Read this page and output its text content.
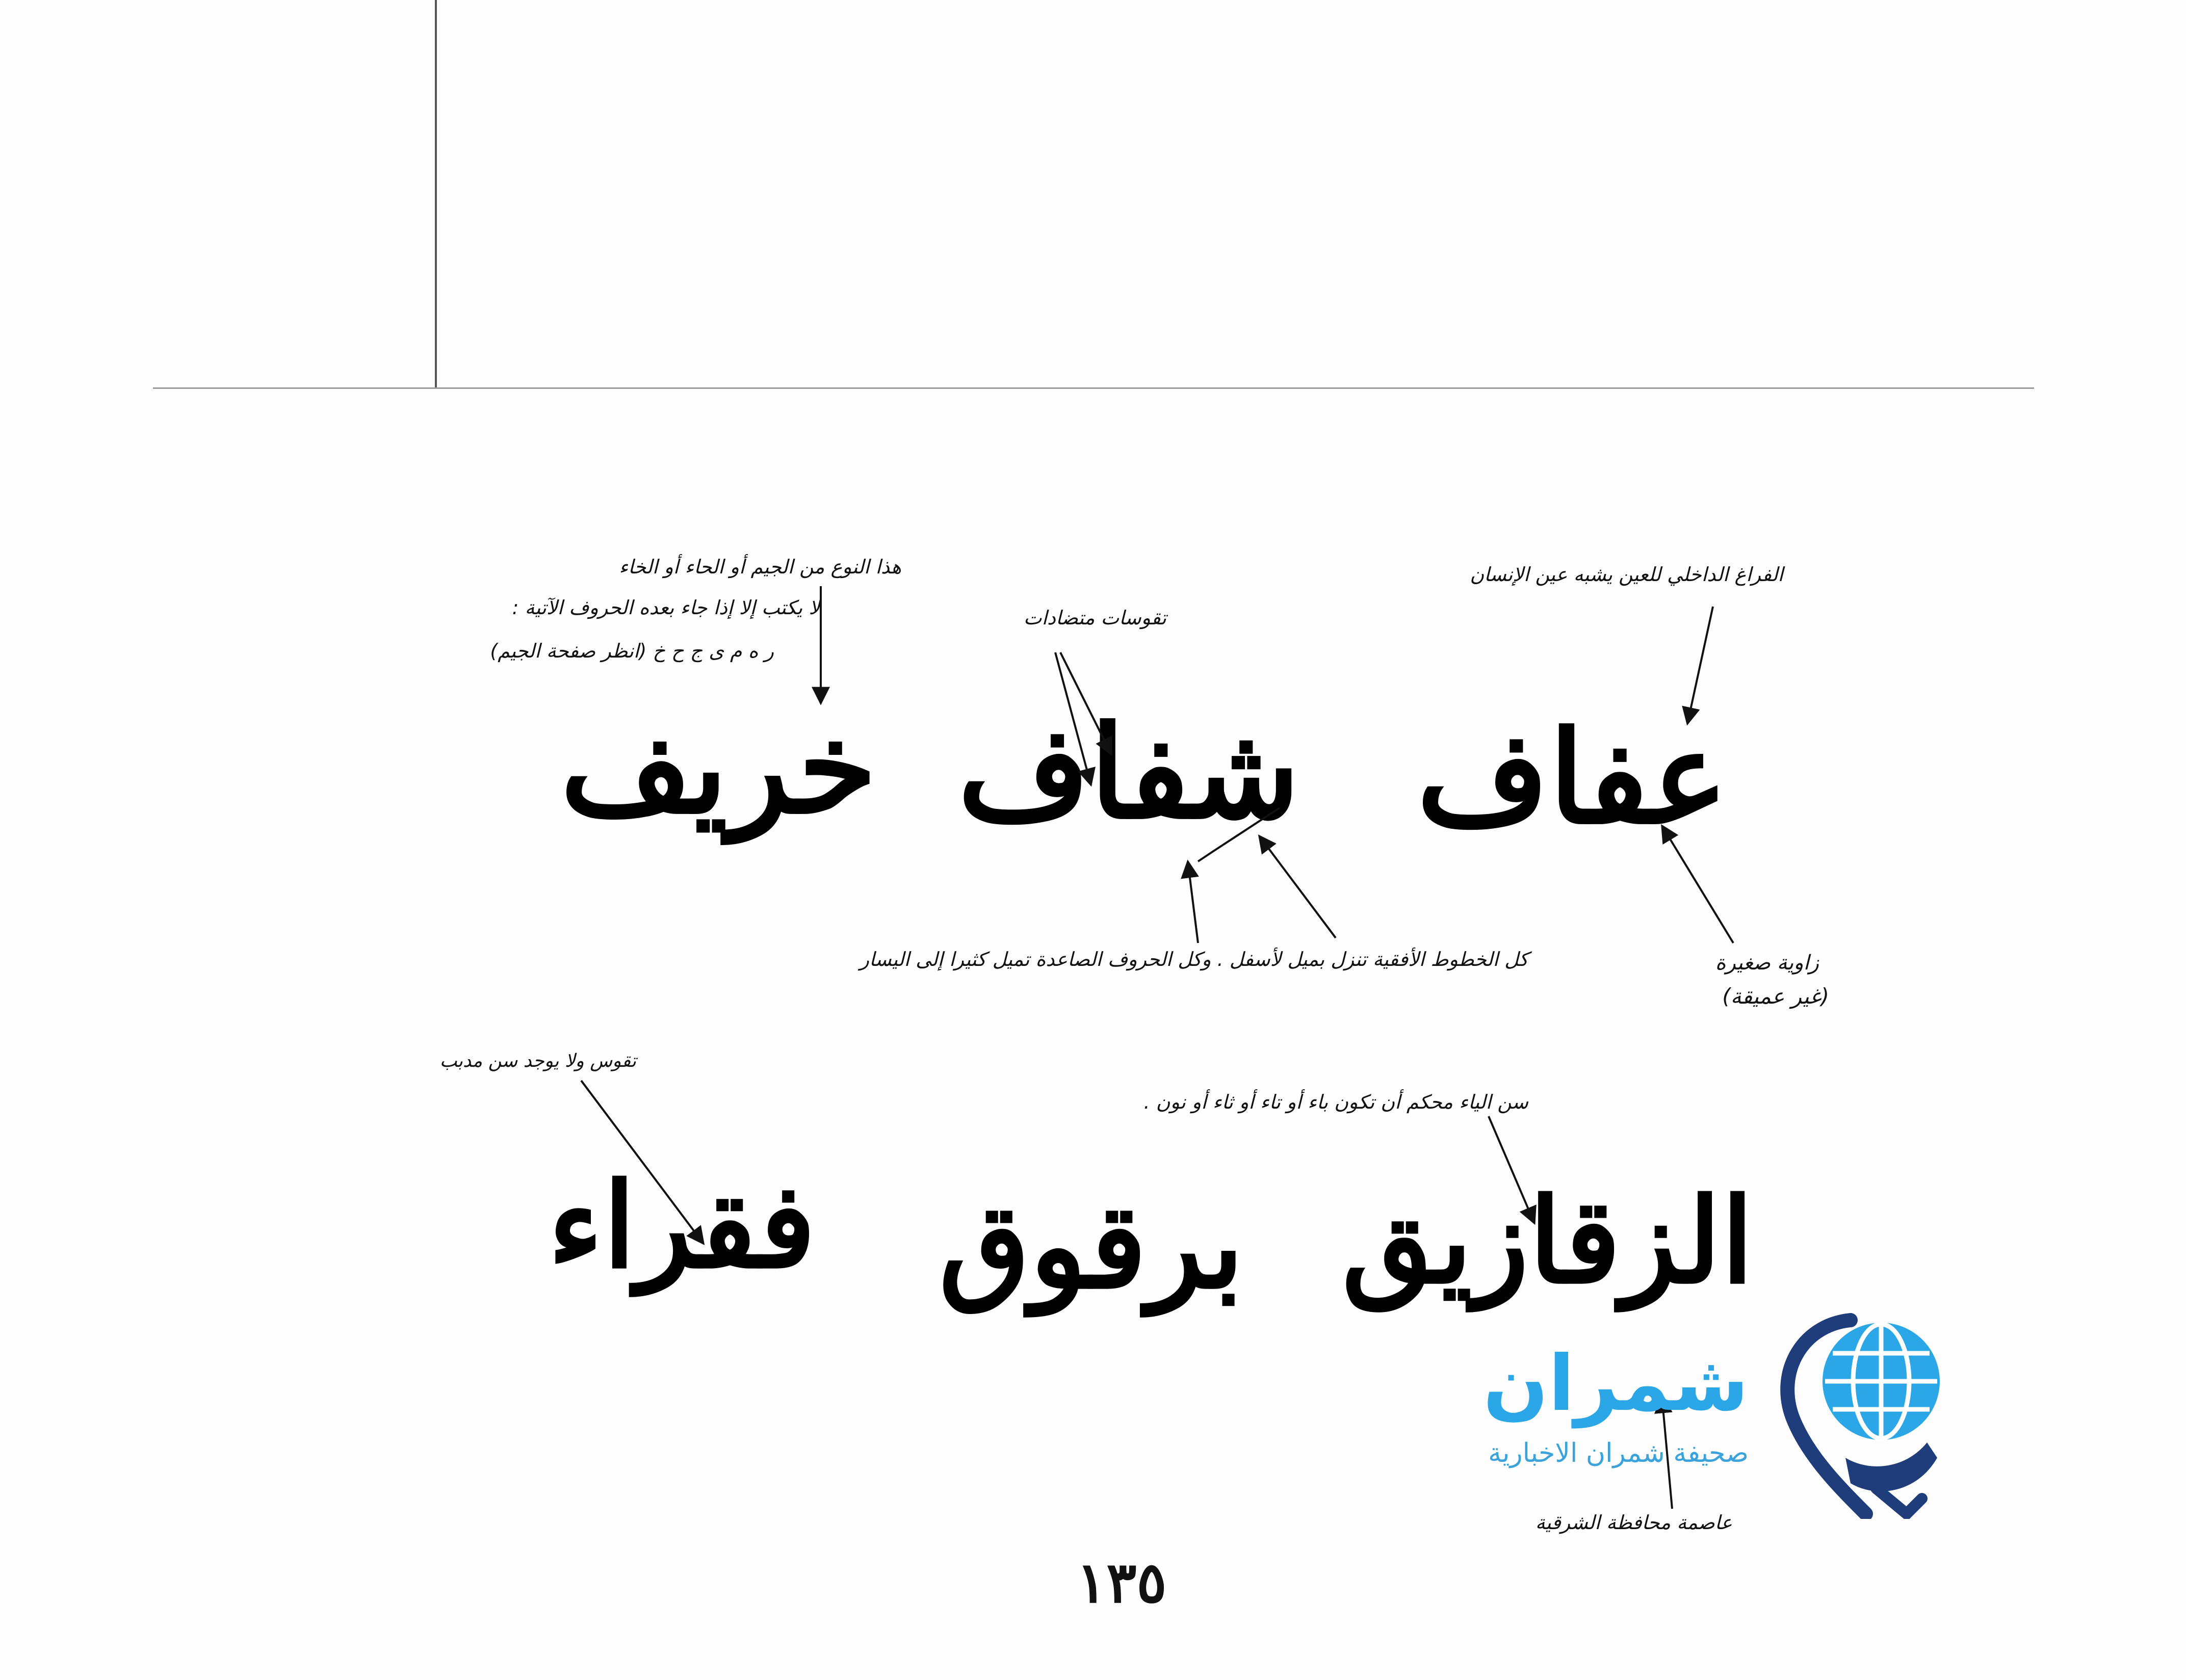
خريف شفاف عفاف
فقراء برقوق الزقازيق
هذا النوع من الجيم أو الحاء أو الخاء
لا يكتب إلا إذا جاء بعده الحروف الآتية :
ر ه م ى ج ح خ (انظر صفحة الجيم)
تقوسات متضادات
كل الخطوط الأفقية تنزل بميل لأسفل . وكل الحروف الصاعدة تميل كثيرا إلى اليسار
الفراغ الداخلي للعين يشبه عين الإنسان
زاوية صغيرة
(غير عميقة)
تقوس ولا يوجد سن مدبب
سن الياء محكم أن تكون باء أو تاء أو ثاء أو نون .
عاصمة محافظة الشرقية
١٣٥
شمران
صحيفة شمران الاخبارية
